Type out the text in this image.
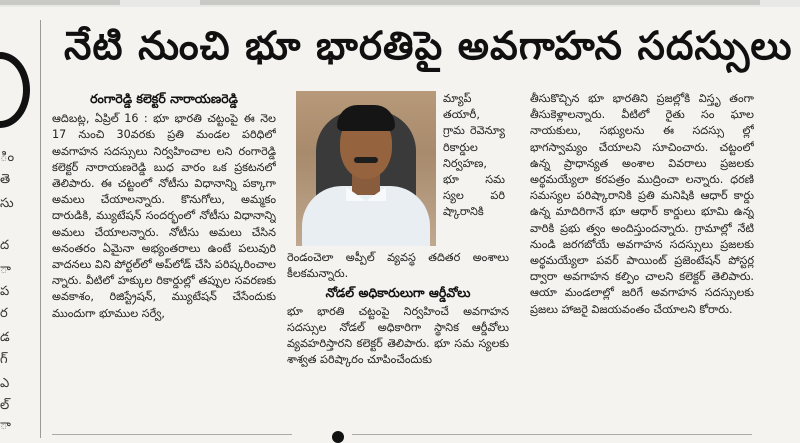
ిం
తె
సు
ద
ా
ప
ర
డ
గ్
ఎ
ల్
ా
నేటి నుంచి భూ భారతిపై అవగాహన సదస్సులు

రంగారెడ్డి కలెక్టర్ నారాయణరెడ్డి

ఆదిబట్ల, ఏప్రిల్ 16 : భూ భారతి చట్టంపై ఈ నెల 17 నుంచి 30వరకు ప్రతి మండల పరిధిలో అవగాహన సదస్సులు నిర్వహించాల లని రంగారెడ్డి కలెక్టర్ నారాయణరెడ్డి బుధ వారం ఒక ప్రకటనలో తెలిపారు. ఈ చట్టంలో నోటీసు విధానాన్ని పక్కాగా అమలు చేయాలన్నారు. కొనుగోలు, అమ్మకం దారుడికి, మ్యుటేషన్ సందర్భంలో నోటీసు విధానాన్ని అమలు చేయాలన్నారు. నోటీసు అమలు చేసిన అనంతరం ఏమైనా అభ్యంతరాలు ఉంటే పలువురి వాదనలు విని పోర్టల్‌లో అప్‌లోడ్ చేసి పరిష్కరించాల న్నారు. వీటిలో హక్కుల రికార్డుల్లో తప్పుల సవరణకు అవకాశం, రిజిస్ట్రేషన్, మ్యుటేషన్ చేసేందుకు ముందుగా భూముల సర్వే,

మ్యాప్ తయారీ, గ్రామ రెవెన్యూ రికార్డుల నిర్వహణ, భూ సమ స్యల పరి ష్కారానికి

రెండంచెలా అప్పీల్ వ్యవస్థ తదితర అంశాలు కీలకమన్నారు.

నోడల్ అధికారులుగా ఆర్డీవోలు

భూ భారతి చట్టంపై నిర్వహించే అవగాహన సదస్సుల నోడల్ అధికారిగా స్థానిక ఆర్డీవోలు వ్యవహరిస్తారని కలెక్టర్ తెలిపారు. భూ సమ స్యలకు శాశ్వత పరిష్కారం చూపించేందుకు

తీసుకొచ్చిన భూ భారతిని ప్రజల్లోకి విస్తృ తంగా తీసుకెళ్లాలన్నారు. వీటిలో రైతు సం ఘాల నాయకులు, సభ్యులను ఈ సదస్సు ల్లో భాగస్వామ్యం చేయాలని సూచించారు. చట్టంలో ఉన్న ప్రాధాన్యత అంశాల వివరాలు ప్రజలకు అర్థమయ్యేలా కరపత్రం ముద్రించా లన్నారు. ధరణి సమస్యల పరిష్కారానికి ప్రతి మనిషికి ఆధార్ కార్డు ఉన్న మాదిరిగానే భూ ఆధార్ కార్డులు భూమి ఉన్న వారికి ప్రభు త్వం అందిస్తుందన్నారు. గ్రామాల్లో నేటి నుండి జరగబోయే అవగాహన సదస్సులు ప్రజలకు అర్థమయ్యేలా పవర్ పాయింట్ ప్రజెంటేషన్ పోస్టర్ల ద్వారా అవగాహన కల్పిం చాలని కలెక్టర్ తెలిపారు. ఆయా మండలాల్లో జరిగే అవగాహన సదస్సులకు ప్రజలు హాజరై విజయవంతం చేయాలని కోరారు.
